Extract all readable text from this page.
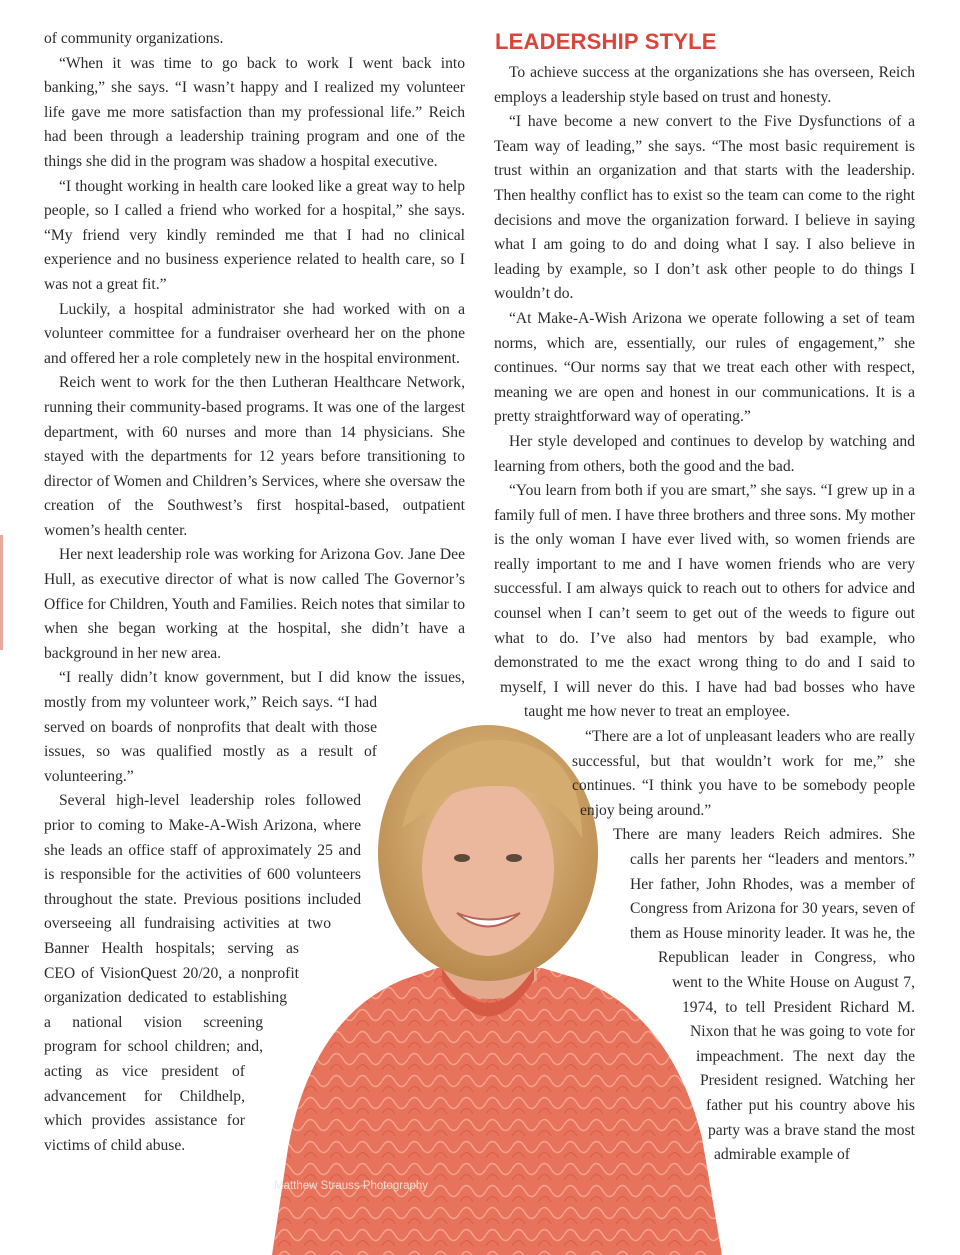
of community organizations.

“When it was time to go back to work I went back into banking,” she says. “I wasn’t happy and I realized my volunteer life gave me more satisfaction than my professional life.” Reich had been through a leadership training program and one of the things she did in the program was shadow a hospital executive.

“I thought working in health care looked like a great way to help people, so I called a friend who worked for a hospital,” she says. “My friend very kindly reminded me that I had no clinical experience and no business experience related to health care, so I was not a great fit.”

Luckily, a hospital administrator she had worked with on a volunteer committee for a fundraiser overheard her on the phone and offered her a role completely new in the hospital environment.

Reich went to work for the then Lutheran Healthcare Network, running their community-based programs. It was one of the largest department, with 60 nurses and more than 14 physicians. She stayed with the departments for 12 years before transitioning to director of Women and Children’s Services, where she oversaw the creation of the Southwest’s first hospital-based, outpatient women’s health center.

Her next leadership role was working for Arizona Gov. Jane Dee Hull, as executive director of what is now called The Governor’s Office for Children, Youth and Families. Reich notes that similar to when she began working at the hospital, she didn’t have a background in her new area.

“I really didn’t know government, but I did know the issues, mostly from my volunteer work,” Reich says. “I had served on boards of nonprofits that dealt with those issues, so was qualified mostly as a result of volunteering.”

Several high-level leadership roles followed prior to coming to Make-A-Wish Arizona, where she leads an office staff of approximately 25 and is responsible for the activities of 600 volunteers throughout the state. Previous positions included overseeing all fundraising activities at two Banner Health hospitals; serving as CEO of VisionQuest 20/20, a nonprofit organization dedicated to establishing a national vision screening program for school children; and, acting as vice president of advancement for Childhelp, which provides assistance for victims of child abuse.

LEADERSHIP STYLE

To achieve success at the organizations she has overseen, Reich employs a leadership style based on trust and honesty.

“I have become a new convert to the Five Dysfunctions of a Team way of leading,” she says. “The most basic requirement is trust within an organization and that starts with the leadership. Then healthy conflict has to exist so the team can come to the right decisions and move the organization forward. I believe in saying what I am going to do and doing what I say. I also believe in leading by example, so I don’t ask other people to do things I wouldn’t do.

“At Make-A-Wish Arizona we operate following a set of team norms, which are, essentially, our rules of engagement,” she continues. “Our norms say that we treat each other with respect, meaning we are open and honest in our communications. It is a pretty straightforward way of operating.”

Her style developed and continues to develop by watching and learning from others, both the good and the bad.

“You learn from both if you are smart,” she says. “I grew up in a family full of men. I have three brothers and three sons. My mother is the only woman I have ever lived with, so women friends are really important to me and I have women friends who are very successful. I am always quick to reach out to others for advice and counsel when I can’t seem to get out of the weeds to figure out what to do. I’ve also had mentors by bad example, who demonstrated to me the exact wrong thing to do and I said to myself, I will never do this. I have had bad bosses who have taught me how never to treat an employee.

“There are a lot of unpleasant leaders who are really successful, but that wouldn’t work for me,” she continues. “I think you have to be somebody people enjoy being around.”

There are many leaders Reich admires. She calls her parents her “leaders and mentors.” Her father, John Rhodes, was a member of Congress from Arizona for 30 years, seven of them as House minority leader. It was he, the Republican leader in Congress, who went to the White House on August 7, 1974, to tell President Richard M. Nixon that he was going to vote for impeachment. The next day the President resigned. Watching her father put his country above his party was a brave stand the most admirable example of

Matthew Strauss Photography
